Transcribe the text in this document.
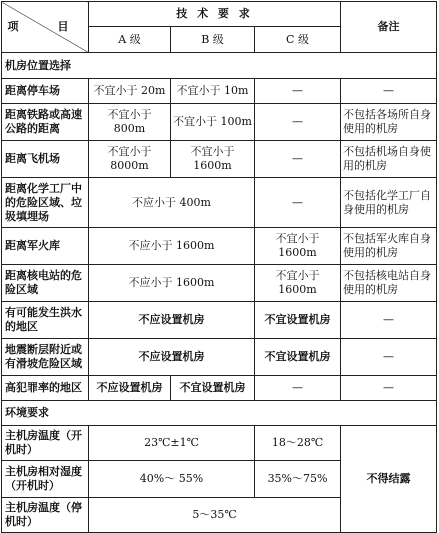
项　目	技 术 要 求			备注
	A 级	B 级	C 级	
机房位置选择				
距离停车场	不宜小于 20m	不宜小于 10m	—	—
距离铁路或高速公路的距离	不宜小于 800m	不宜小于 100m	—	不包括各场所自身使用的机房
距离飞机场	不宜小于 8000m	不宜小于 1600m	—	不包括机场自身使用的机房
距离化学工厂中的危险区域、垃圾填埋场	不应小于 400m		—	不包括化学工厂自身使用的机房
距离军火库	不应小于 1600m		不宜小于 1600m	不包括军火库自身使用的机房
距离核电站的危险区域	不应小于 1600m		不宜小于 1600m	不包括核电站自身使用的机房
有可能发生洪水的地区	不应设置机房		不宜设置机房	—
地震断层附近或有滑坡危险区域	不应设置机房		不宜设置机房	—
高犯罪率的地区	不应设置机房	不宜设置机房	—	—
环境要求				
主机房温度（开机时）	23℃±1℃		18～28℃	不得结露
主机房相对湿度（开机时）	40%～ 55%		35%～75%	
主机房温度（停机时）	5～35℃			
